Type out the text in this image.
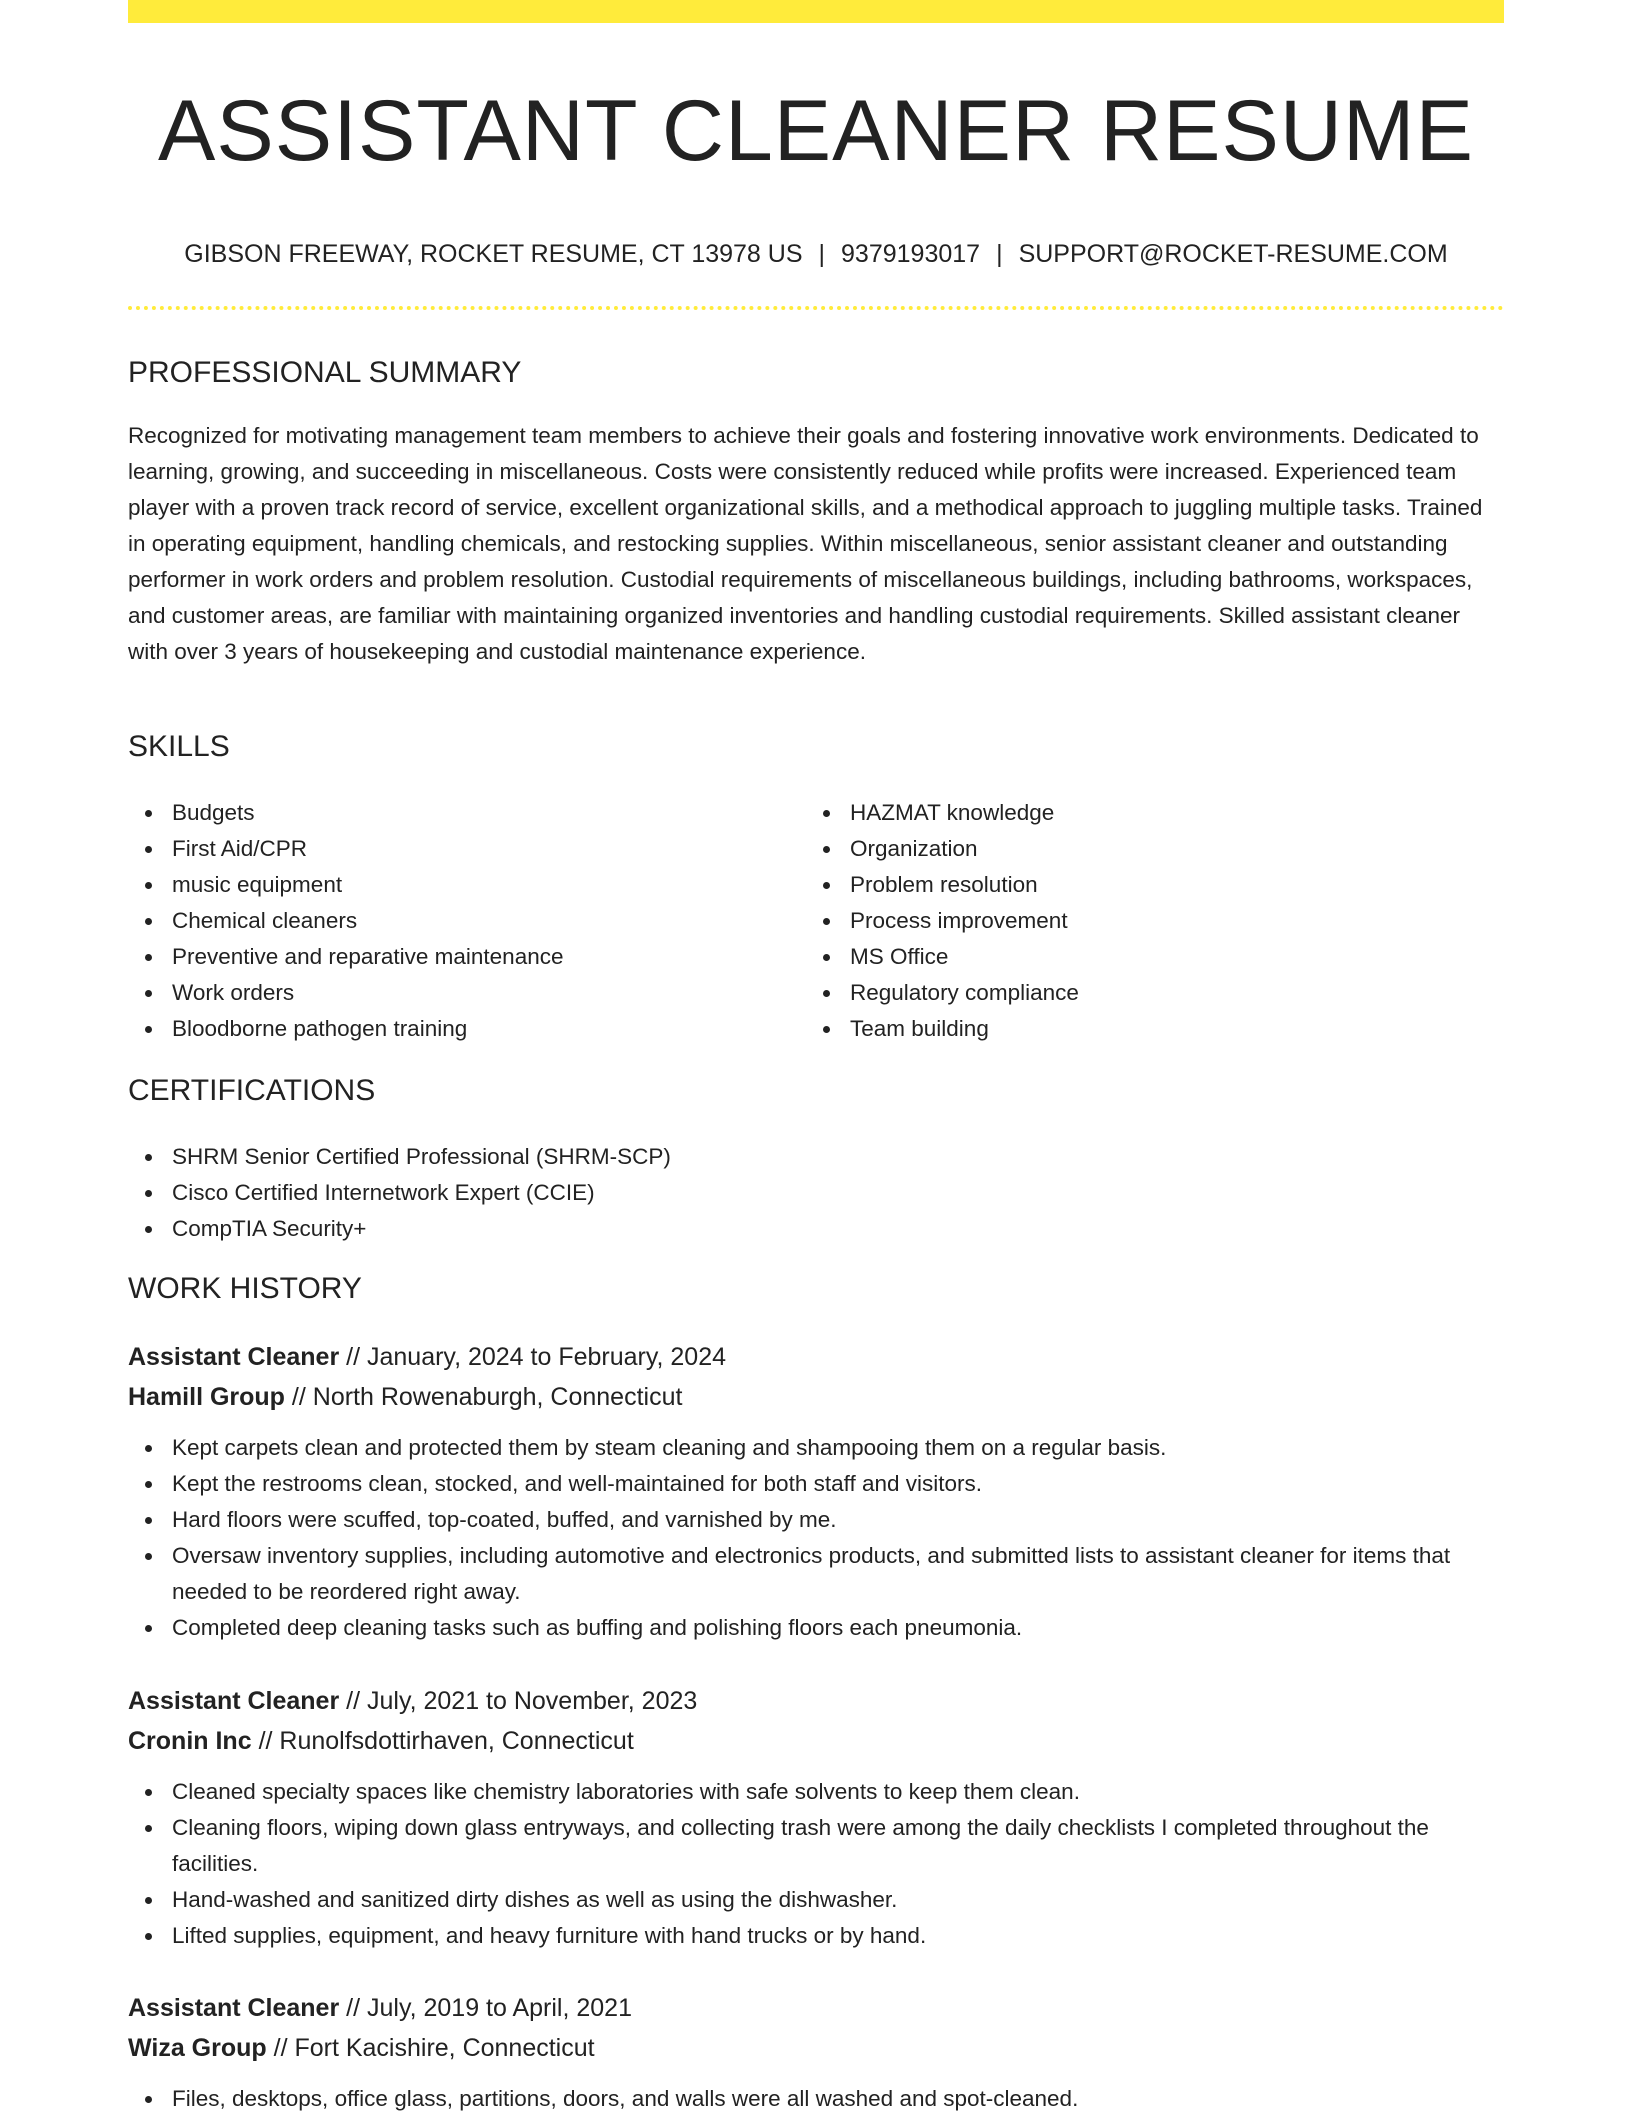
ASSISTANT CLEANER RESUME
GIBSON FREEWAY, ROCKET RESUME, CT 13978 US | 9379193017 | SUPPORT@ROCKET-RESUME.COM
PROFESSIONAL SUMMARY

Recognized for motivating management team members to achieve their goals and fostering innovative work environments. Dedicated to learning, growing, and succeeding in miscellaneous. Costs were consistently reduced while profits were increased. Experienced team player with a proven track record of service, excellent organizational skills, and a methodical approach to juggling multiple tasks. Trained in operating equipment, handling chemicals, and restocking supplies. Within miscellaneous, senior assistant cleaner and outstanding performer in work orders and problem resolution. Custodial requirements of miscellaneous buildings, including bathrooms, workspaces, and customer areas, are familiar with maintaining organized inventories and handling custodial requirements. Skilled assistant cleaner with over 3 years of housekeeping and custodial maintenance experience.

SKILLS
Budgets
First Aid/CPR
music equipment
Chemical cleaners
Preventive and reparative maintenance
Work orders
Bloodborne pathogen training
HAZMAT knowledge
Organization
Problem resolution
Process improvement
MS Office
Regulatory compliance
Team building
CERTIFICATIONS
SHRM Senior Certified Professional (SHRM-SCP)
Cisco Certified Internetwork Expert (CCIE)
CompTIA Security+
WORK HISTORY
Assistant Cleaner // January, 2024 to February, 2024
Hamill Group // North Rowenaburgh, Connecticut
Kept carpets clean and protected them by steam cleaning and shampooing them on a regular basis.
Kept the restrooms clean, stocked, and well-maintained for both staff and visitors.
Hard floors were scuffed, top-coated, buffed, and varnished by me.
Oversaw inventory supplies, including automotive and electronics products, and submitted lists to assistant cleaner for items that needed to be reordered right away.
Completed deep cleaning tasks such as buffing and polishing floors each pneumonia.
Assistant Cleaner // July, 2021 to November, 2023
Cronin Inc // Runolfsdottirhaven, Connecticut
Cleaned specialty spaces like chemistry laboratories with safe solvents to keep them clean.
Cleaning floors, wiping down glass entryways, and collecting trash were among the daily checklists I completed throughout the facilities.
Hand-washed and sanitized dirty dishes as well as using the dishwasher.
Lifted supplies, equipment, and heavy furniture with hand trucks or by hand.
Assistant Cleaner // July, 2019 to April, 2021
Wiza Group // Fort Kacishire, Connecticut
Files, desktops, office glass, partitions, doors, and walls were all washed and spot-cleaned.
